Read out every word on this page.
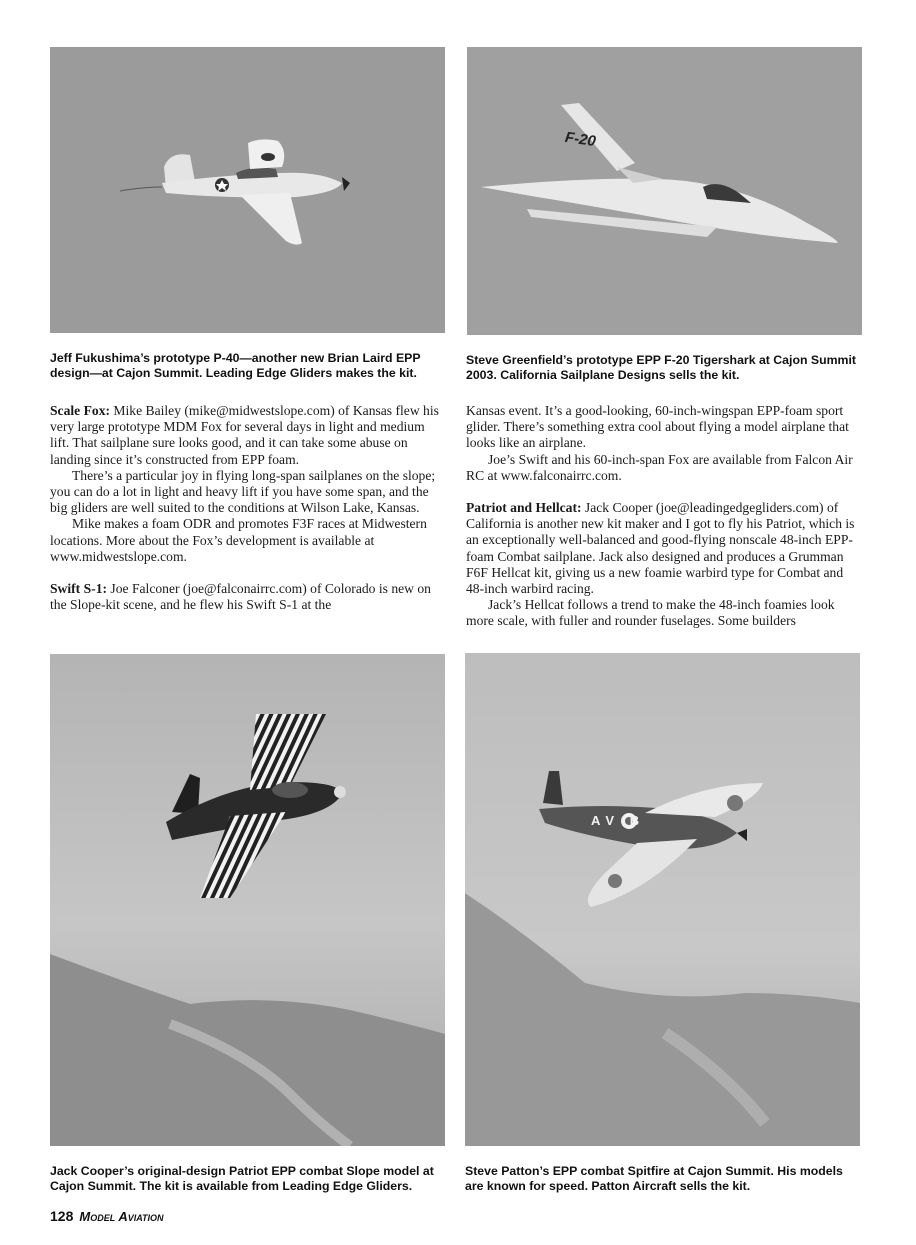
Jeff Fukushima’s prototype P-40—another new Brian Laird EPP design—at Cajon Summit. Leading Edge Gliders makes the kit.

F-20

Steve Greenfield’s prototype EPP F-20 Tigershark at Cajon Summit 2003. California Sailplane Designs sells the kit.

Scale Fox: Mike Bailey (mike@midwestslope.com) of Kansas flew his very large prototype MDM Fox for several days in light and medium lift. That sailplane sure looks good, and it can take some abuse on landing since it’s constructed from EPP foam.

There’s a particular joy in flying long-span sailplanes on the slope; you can do a lot in light and heavy lift if you have some span, and the big gliders are well suited to the conditions at Wilson Lake, Kansas.

Mike makes a foam ODR and promotes F3F races at Midwestern locations. More about the Fox’s development is available at www.midwestslope.com.

Swift S-1: Joe Falconer (joe@falconairrc.com) of Colorado is new on the Slope-kit scene, and he flew his Swift S-1 at the

Kansas event. It’s a good-looking, 60-inch-wingspan EPP-foam sport glider. There’s something extra cool about flying a model airplane that looks like an airplane.

Joe’s Swift and his 60-inch-span Fox are available from Falcon Air RC at www.falconairrc.com.

Patriot and Hellcat: Jack Cooper (joe@leadingedgegliders.com) of California is another new kit maker and I got to fly his Patriot, which is an exceptionally well-balanced and good-flying nonscale 48-inch EPP-foam Combat sailplane. Jack also designed and produces a Grumman F6F Hellcat kit, giving us a new foamie warbird type for Combat and 48-inch warbird racing.

Jack’s Hellcat follows a trend to make the 48-inch foamies look more scale, with fuller and rounder fuselages. Some builders

Jack Cooper’s original-design Patriot EPP combat Slope model at Cajon Summit. The kit is available from Leading Edge Gliders.

AV B

Steve Patton’s EPP combat Spitfire at Cajon Summit. His models are known for speed. Patton Aircraft sells the kit.

128 Model Aviation
